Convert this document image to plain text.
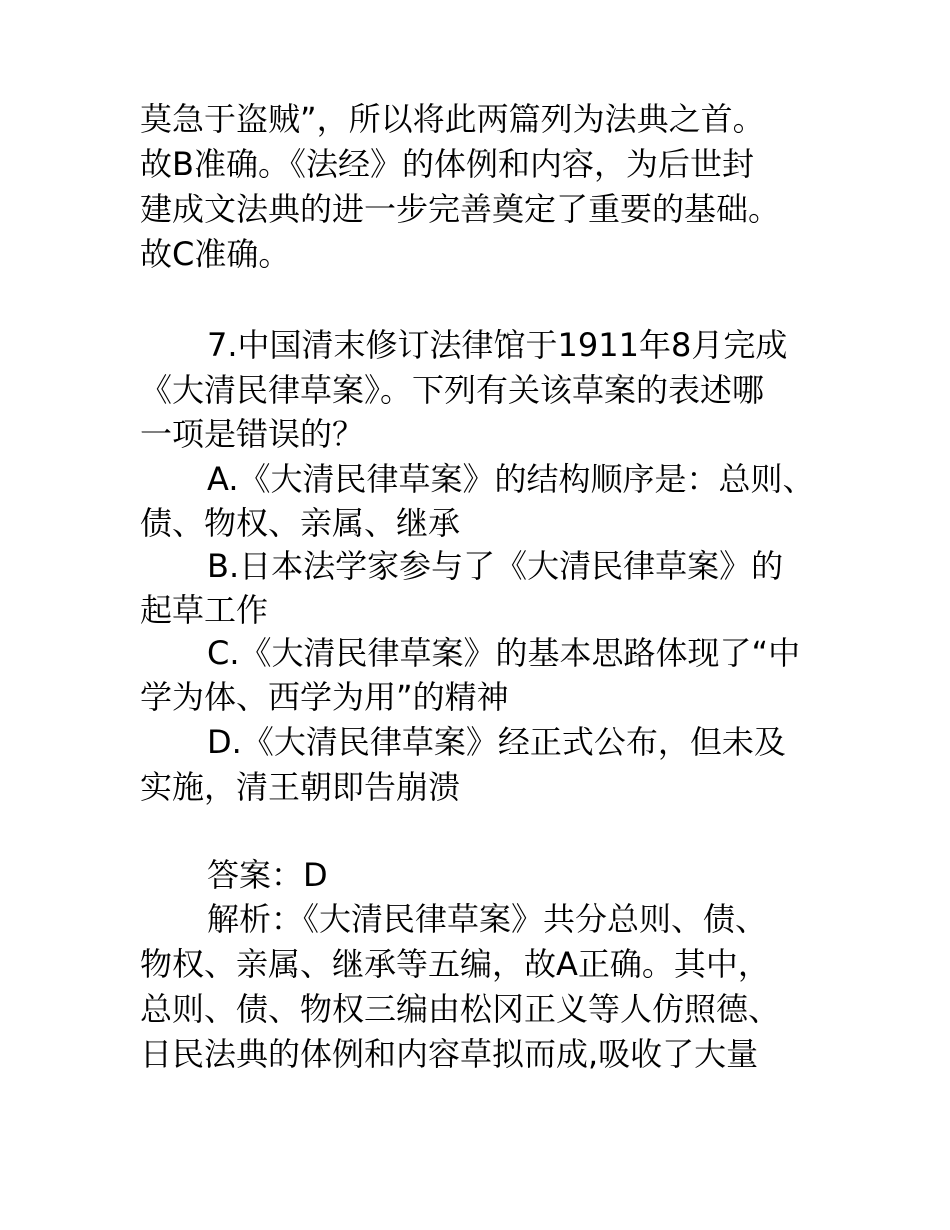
莫急于盗贼”，所以将此两篇列为法典之首。
故B准确。《法经》的体例和内容，为后世封
建成文法典的进一步完善奠定了重要的基础。
故C准确。
7.中国清末修订法律馆于1911年8月完成
《大清民律草案》。下列有关该草案的表述哪
一项是错误的？
A.《大清民律草案》的结构顺序是：总则、
债、物权、亲属、继承
B.日本法学家参与了《大清民律草案》的
起草工作
C.《大清民律草案》的基本思路体现了“中
学为体、西学为用”的精神
D.《大清民律草案》经正式公布，但未及
实施，清王朝即告崩溃
答案：D
解析：《大清民律草案》共分总则、债、
物权、亲属、继承等五编，故A正确。其中，
总则、债、物权三编由松冈正义等人仿照德、
日民法典的体例和内容草拟而成,吸收了大量
